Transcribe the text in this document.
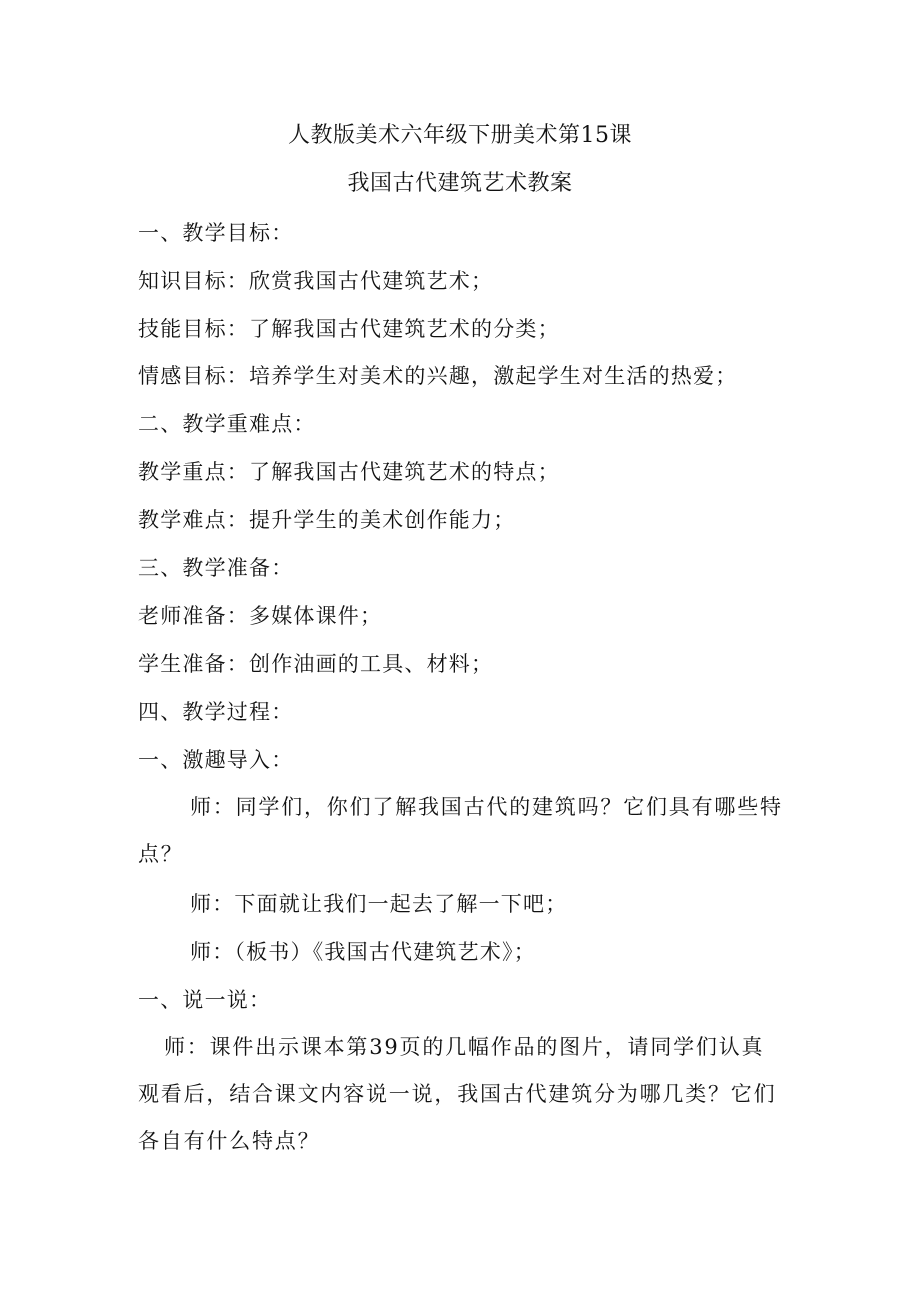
人教版美术六年级下册美术第15课
我国古代建筑艺术教案
一、教学目标：
知识目标：欣赏我国古代建筑艺术；
技能目标：了解我国古代建筑艺术的分类；
情感目标：培养学生对美术的兴趣，激起学生对生活的热爱；
二、教学重难点：
教学重点：了解我国古代建筑艺术的特点；
教学难点：提升学生的美术创作能力；
三、教学准备：
老师准备：多媒体课件；
学生准备：创作油画的工具、材料；
四、教学过程：
一、激趣导入：
师：同学们，你们了解我国古代的建筑吗？它们具有哪些特点？
师：下面就让我们一起去了解一下吧；
师：（板书）《我国古代建筑艺术》；
一、说一说：
师：课件出示课本第39页的几幅作品的图片，请同学们认真观看后，结合课文内容说一说，我国古代建筑分为哪几类？它们各自有什么特点？
